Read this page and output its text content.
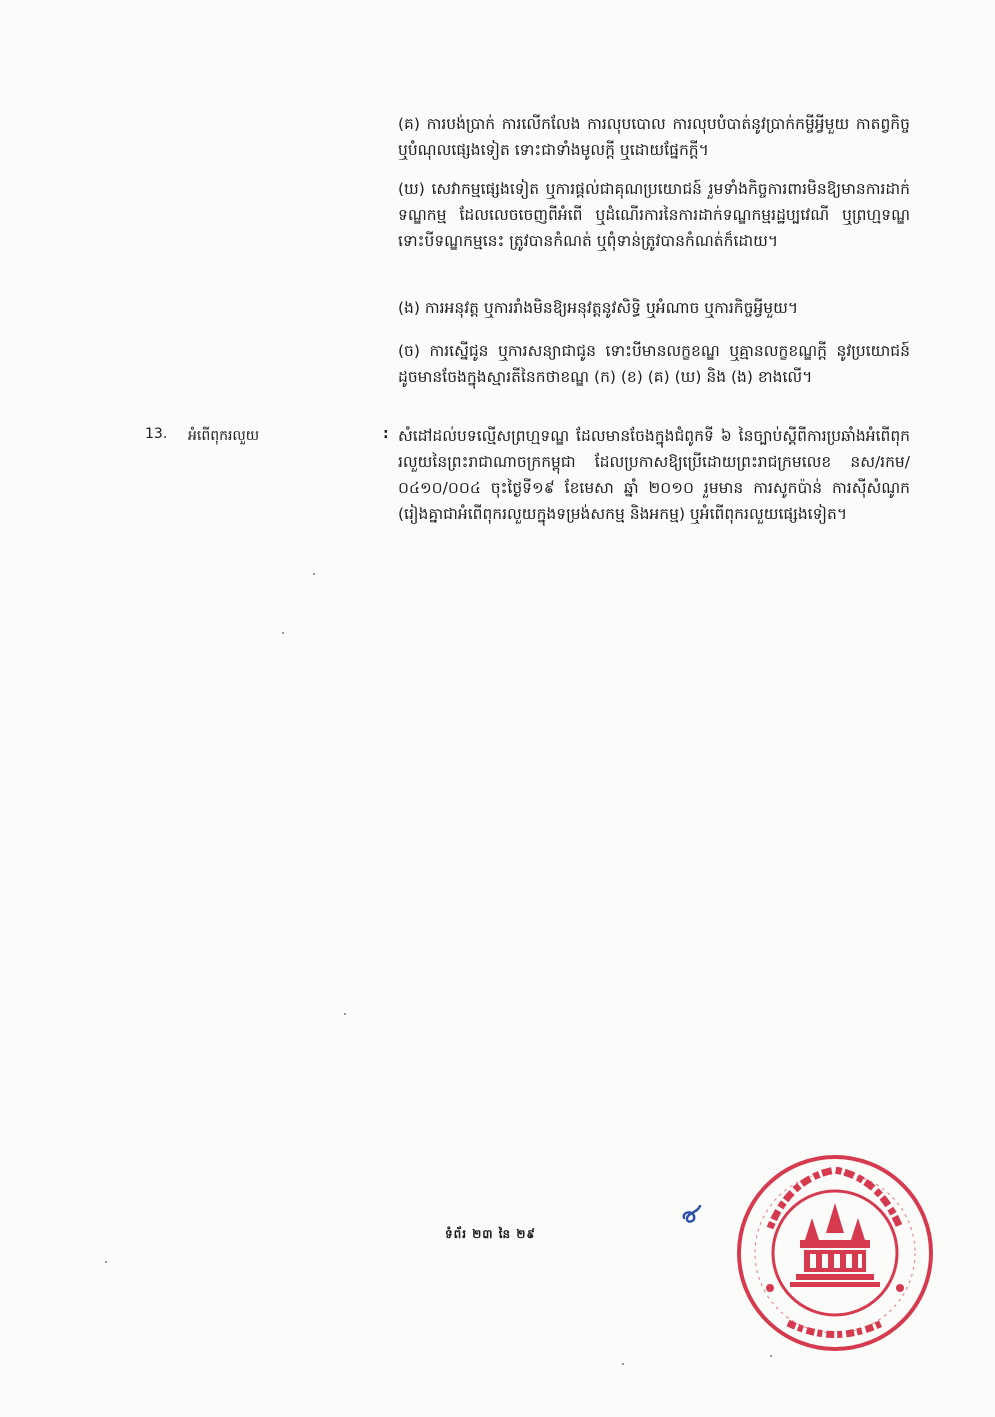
(គ) ការបង់ប្រាក់ ការលើកលែង ការលុបបោល ការលុបបំបាត់នូវប្រាក់កម្ចីអ្វីមួយ កាតព្វកិច្ច ឬបំណុលផ្សេងទៀត ទោះជាទាំងមូលក្តី ឬដោយផ្នែកក្តី។
(ឃ) សេវាកម្មផ្សេងទៀត ឬការផ្តល់ជាគុណប្រយោជន៍ រួមទាំងកិច្ចការពារមិនឱ្យមានការដាក់ទណ្ឌកម្ម ដែលលេចចេញពីអំពើ ឬដំណើរការនៃការដាក់ទណ្ឌកម្មរដ្ឋប្បវេណី ឬព្រហ្មទណ្ឌ ទោះបីទណ្ឌកម្មនេះ ត្រូវបានកំណត់ ឬពុំទាន់ត្រូវបានកំណត់ក៏ដោយ។
(ង) ការអនុវត្ត ឬការរាំងមិនឱ្យអនុវត្តនូវសិទ្ធិ ឬអំណាច ឬការកិច្ចអ្វីមួយ។
(ច) ការស្នើជូន ឬការសន្យាជាជូន ទោះបីមានលក្ខខណ្ឌ ឬគ្មានលក្ខខណ្ឌក្តី នូវប្រយោជន៍ ដូចមានចែងក្នុងស្មារតីនៃកថាខណ្ឌ (ក) (ខ) (គ) (ឃ) និង (ង) ខាងលើ។
13. អំពើពុករលួយ	: សំដៅដល់បទល្មើសព្រហ្មទណ្ឌ ដែលមានចែងក្នុងជំពូកទី ៦ នៃច្បាប់ស្តីពីការប្រឆាំងអំពើពុករលួយនៃព្រះរាជាណាចក្រកម្ពុជា ដែលប្រកាសឱ្យប្រើដោយព្រះរាជក្រមលេខ នស/រកម/០៤១០/០០៤ ចុះថ្ងៃទី១៩ ខែមេសា ឆ្នាំ ២០១០ រួមមាន ការសូកប៉ាន់ ការស៊ីសំណូក (រៀងគ្នាជាអំពើពុករលួយក្នុងទម្រង់សកម្ម និងអកម្ម) ឬអំពើពុករលួយផ្សេងទៀត។
ទំព័រ ២៣ នៃ ២៩
